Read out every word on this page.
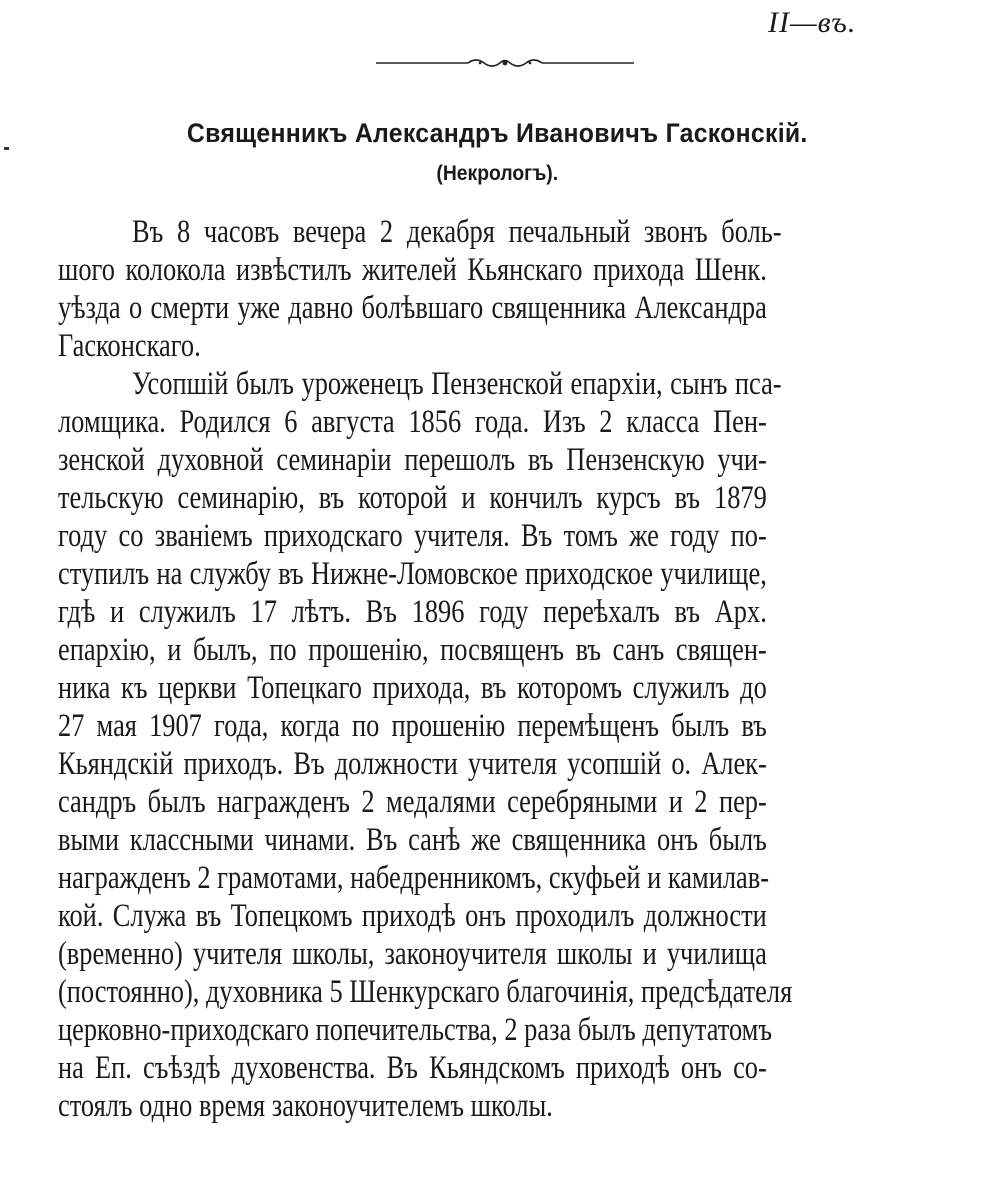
II—въ.
Священникъ Александръ Ивановичъ Гасконскій.
(Некрологъ).
Въ 8 часовъ вечера 2 декабря печальный звонъ боль-
шого колокола извѣстилъ жителей Кьянскаго прихода Шенк.
уѣзда о смерти уже давно болѣвшаго священника Александра
Гасконскаго.
Усопшій былъ уроженецъ Пензенской епархіи, сынъ пса-
ломщика. Родился 6 августа 1856 года. Изъ 2 класса Пен-
зенской духовной семинаріи перешолъ въ Пензенскую учи-
тельскую семинарію, въ которой и кончилъ курсъ въ 1879
году со званіемъ приходскаго учителя. Въ томъ же году по-
ступилъ на службу въ Нижне-Ломовское приходское училище,
гдѣ и служилъ 17 лѣтъ. Въ 1896 году переѣхалъ въ Арх.
епархію, и былъ, по прошенію, посвященъ въ санъ священ-
ника къ церкви Топецкаго прихода, въ которомъ служилъ до
27 мая 1907 года, когда по прошенію перемѣщенъ былъ въ
Кьяндскій приходъ. Въ должности учителя усопшій о. Алек-
сандръ былъ награжденъ 2 медалями серебряными и 2 пер-
выми классными чинами. Въ санѣ же священника онъ былъ
награжденъ 2 грамотами, набедренникомъ, скуфьей и камилав-
кой. Служа въ Топецкомъ приходѣ онъ проходилъ должности
(временно) учителя школы, законоучителя школы и училища
(постоянно), духовника 5 Шенкурскаго благочинія, предсѣдателя
церковно-приходскаго попечительства, 2 раза былъ депутатомъ
на Еп. съѣздѣ духовенства. Въ Кьяндскомъ приходѣ онъ со-
стоялъ одно время законоучителемъ школы.
